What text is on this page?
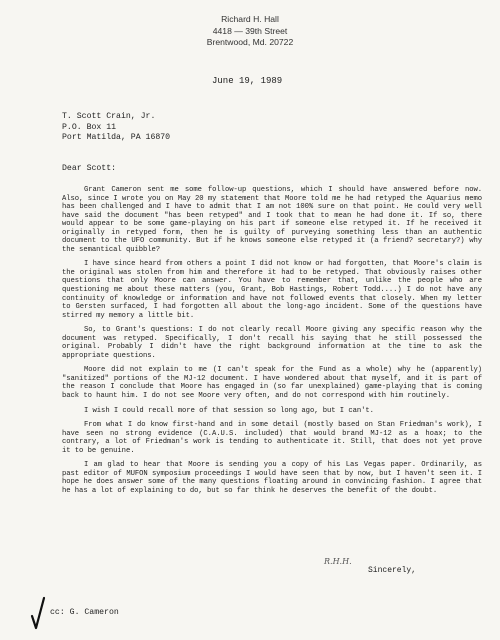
Richard H. Hall
4418 — 39th Street
Brentwood, Md. 20722
June 19, 1989
T. Scott Crain, Jr.
P.O. Box 11
Port Matilda, PA 16870
Dear Scott:

Grant Cameron sent me some follow-up questions, which I should have answered before now. Also, since I wrote you on May 20 my statement that Moore told me he had retyped the Aquarius memo has been challenged and I have to admit that I am not 100% sure on that point. He could very well have said the document "has been retyped" and I took that to mean he had done it. If so, there would appear to be some game-playing on his part if someone else retyped it. If he received it originally in retyped form, then he is guilty of purveying something less than an authentic document to the UFO community. But if he knows someone else retyped it (a friend? secretary?) why the semantical quibble?

I have since heard from others a point I did not know or had forgotten, that Moore's claim is the original was stolen from him and therefore it had to be retyped. That obviously raises other questions that only Moore can answer. You have to remember that, unlike the people who are questioning me about these matters (you, Grant, Bob Hastings, Robert Todd....) I do not have any continuity of knowledge or information and have not followed events that closely. When my letter to Gersten surfaced, I had forgotten all about the long-ago incident. Some of the questions have stirred my memory a little bit.

So, to Grant's questions: I do not clearly recall Moore giving any specific reason why the document was retyped. Specifically, I don't recall his saying that he still possessed the original. Probably I didn't have the right background information at the time to ask the appropriate questions.

Moore did not explain to me (I can't speak for the Fund as a whole) why he (apparently) "sanitized" portions of the MJ-12 document. I have wondered about that myself, and it is part of the reason I conclude that Moore has engaged in (so far unexplained) game-playing that is coming back to haunt him. I do not see Moore very often, and do not correspond with him routinely.

I wish I could recall more of that session so long ago, but I can't.

From what I do know first-hand and in some detail (mostly based on Stan Friedman's work), I have seen no strong evidence (C.A.U.S. included) that would brand MJ-12 as a hoax; to the contrary, a lot of Friedman's work is tending to authenticate it. Still, that does not yet prove it to be genuine.

I am glad to hear that Moore is sending you a copy of his Las Vegas paper. Ordinarily, as past editor of MUFON symposium proceedings I would have seen that by now, but I haven't seen it. I hope he does answer some of the many questions floating around in convincing fashion. I agree that he has a lot of explaining to do, but so far think he deserves the benefit of the doubt.

R.H.H.
Sincerely,
cc: G. Cameron
